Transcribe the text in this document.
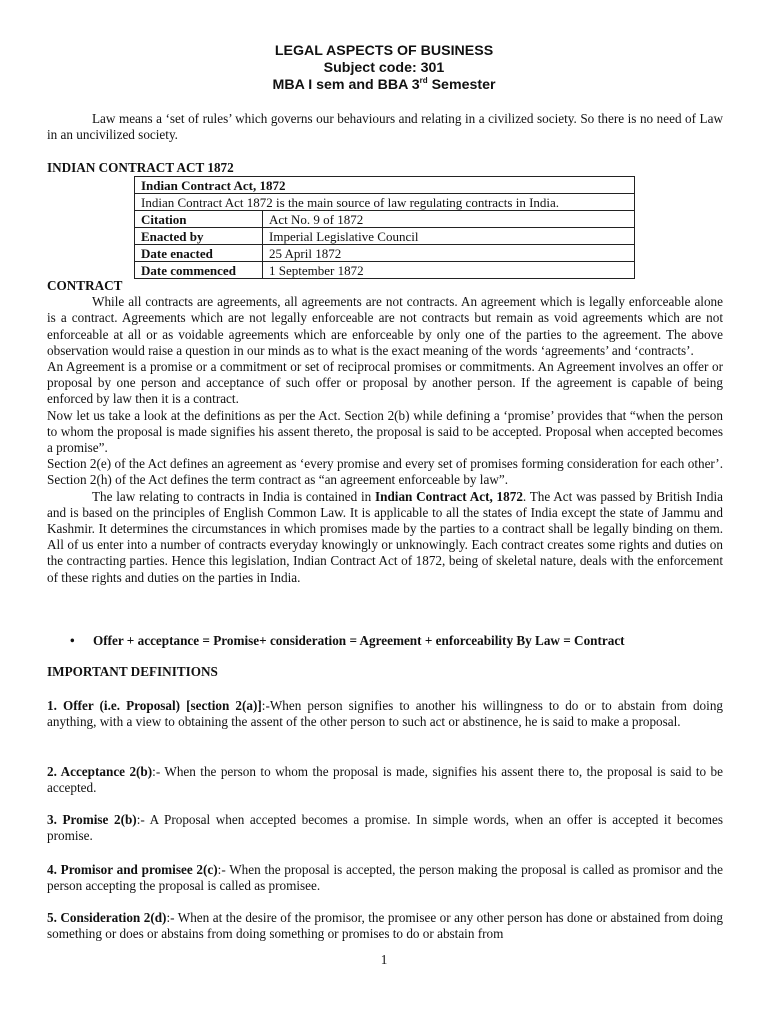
LEGAL ASPECTS OF BUSINESS
Subject code: 301
MBA I sem and BBA 3rd Semester

Law means a ‘set of rules’ which governs our behaviours and relating in a civilized society. So there is no need of Law in an uncivilized society.

INDIAN CONTRACT ACT 1872
Indian Contract Act, 1872	
Indian Contract Act 1872 is the main source of law regulating contracts in India.	
Citation	Act No. 9 of 1872
Enacted by	Imperial Legislative Council
Date enacted	25 April 1872
Date commenced	1 September 1872
CONTRACT

While all contracts are agreements, all agreements are not contracts. An agreement which is legally enforceable alone is a contract. Agreements which are not legally enforceable are not contracts but remain as void agreements which are not enforceable at all or as voidable agreements which are enforceable by only one of the parties to the agreement. The above observation would raise a question in our minds as to what is the exact meaning of the words ‘agreements’ and ‘contracts’.

An Agreement is a promise or a commitment or set of reciprocal promises or commitments. An Agreement involves an offer or proposal by one person and acceptance of such offer or proposal by another person. If the agreement is capable of being enforced by law then it is a contract.

Now let us take a look at the definitions as per the Act. Section 2(b) while defining a ‘promise’ provides that “when the person to whom the proposal is made signifies his assent thereto, the proposal is said to be accepted. Proposal when accepted becomes a promise”.

Section 2(e) of the Act defines an agreement as ‘every promise and every set of promises forming consideration for each other’. Section 2(h) of the Act defines the term contract as “an agreement enforceable by law”.

The law relating to contracts in India is contained in Indian Contract Act, 1872. The Act was passed by British India and is based on the principles of English Common Law. It is applicable to all the states of India except the state of Jammu and Kashmir. It determines the circumstances in which promises made by the parties to a contract shall be legally binding on them. All of us enter into a number of contracts everyday knowingly or unknowingly. Each contract creates some rights and duties on the contracting parties. Hence this legislation, Indian Contract Act of 1872, being of skeletal nature, deals with the enforcement of these rights and duties on the parties in India.

• Offer + acceptance = Promise+ consideration = Agreement + enforceability By Law = Contract
IMPORTANT DEFINITIONS

1. Offer (i.e. Proposal) [section 2(a)]:-When person signifies to another his willingness to do or to abstain from doing anything, with a view to obtaining the assent of the other person to such act or abstinence, he is said to make a proposal.

2. Acceptance 2(b):- When the person to whom the proposal is made, signifies his assent there to, the proposal is said to be accepted.

3. Promise 2(b):- A Proposal when accepted becomes a promise. In simple words, when an offer is accepted it becomes promise.

4. Promisor and promisee 2(c):- When the proposal is accepted, the person making the proposal is called as promisor and the person accepting the proposal is called as promisee.

5. Consideration 2(d):- When at the desire of the promisor, the promisee or any other person has done or abstained from doing something or does or abstains from doing something or promises to do or abstain from

1
